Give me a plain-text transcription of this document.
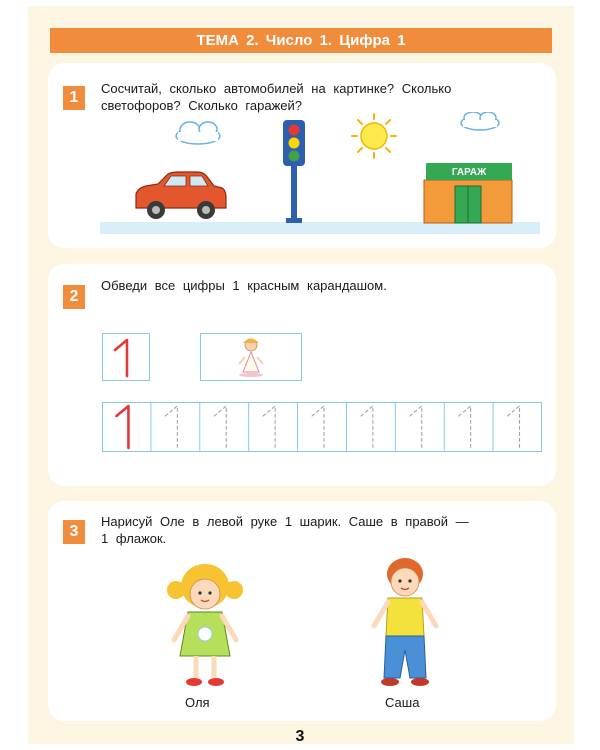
ТЕМА 2. Число 1. Цифра 1
1
Сосчитай, сколько автомобилей на картинке? Сколько
светофоров? Сколько гаражей?
ГАРАЖ
2
Обведи все цифры 1 красным карандашом.
3
Нарисуй Оле в левой руке 1 шарик. Саше в правой —
1 флажок.
Оля	Саша
3
